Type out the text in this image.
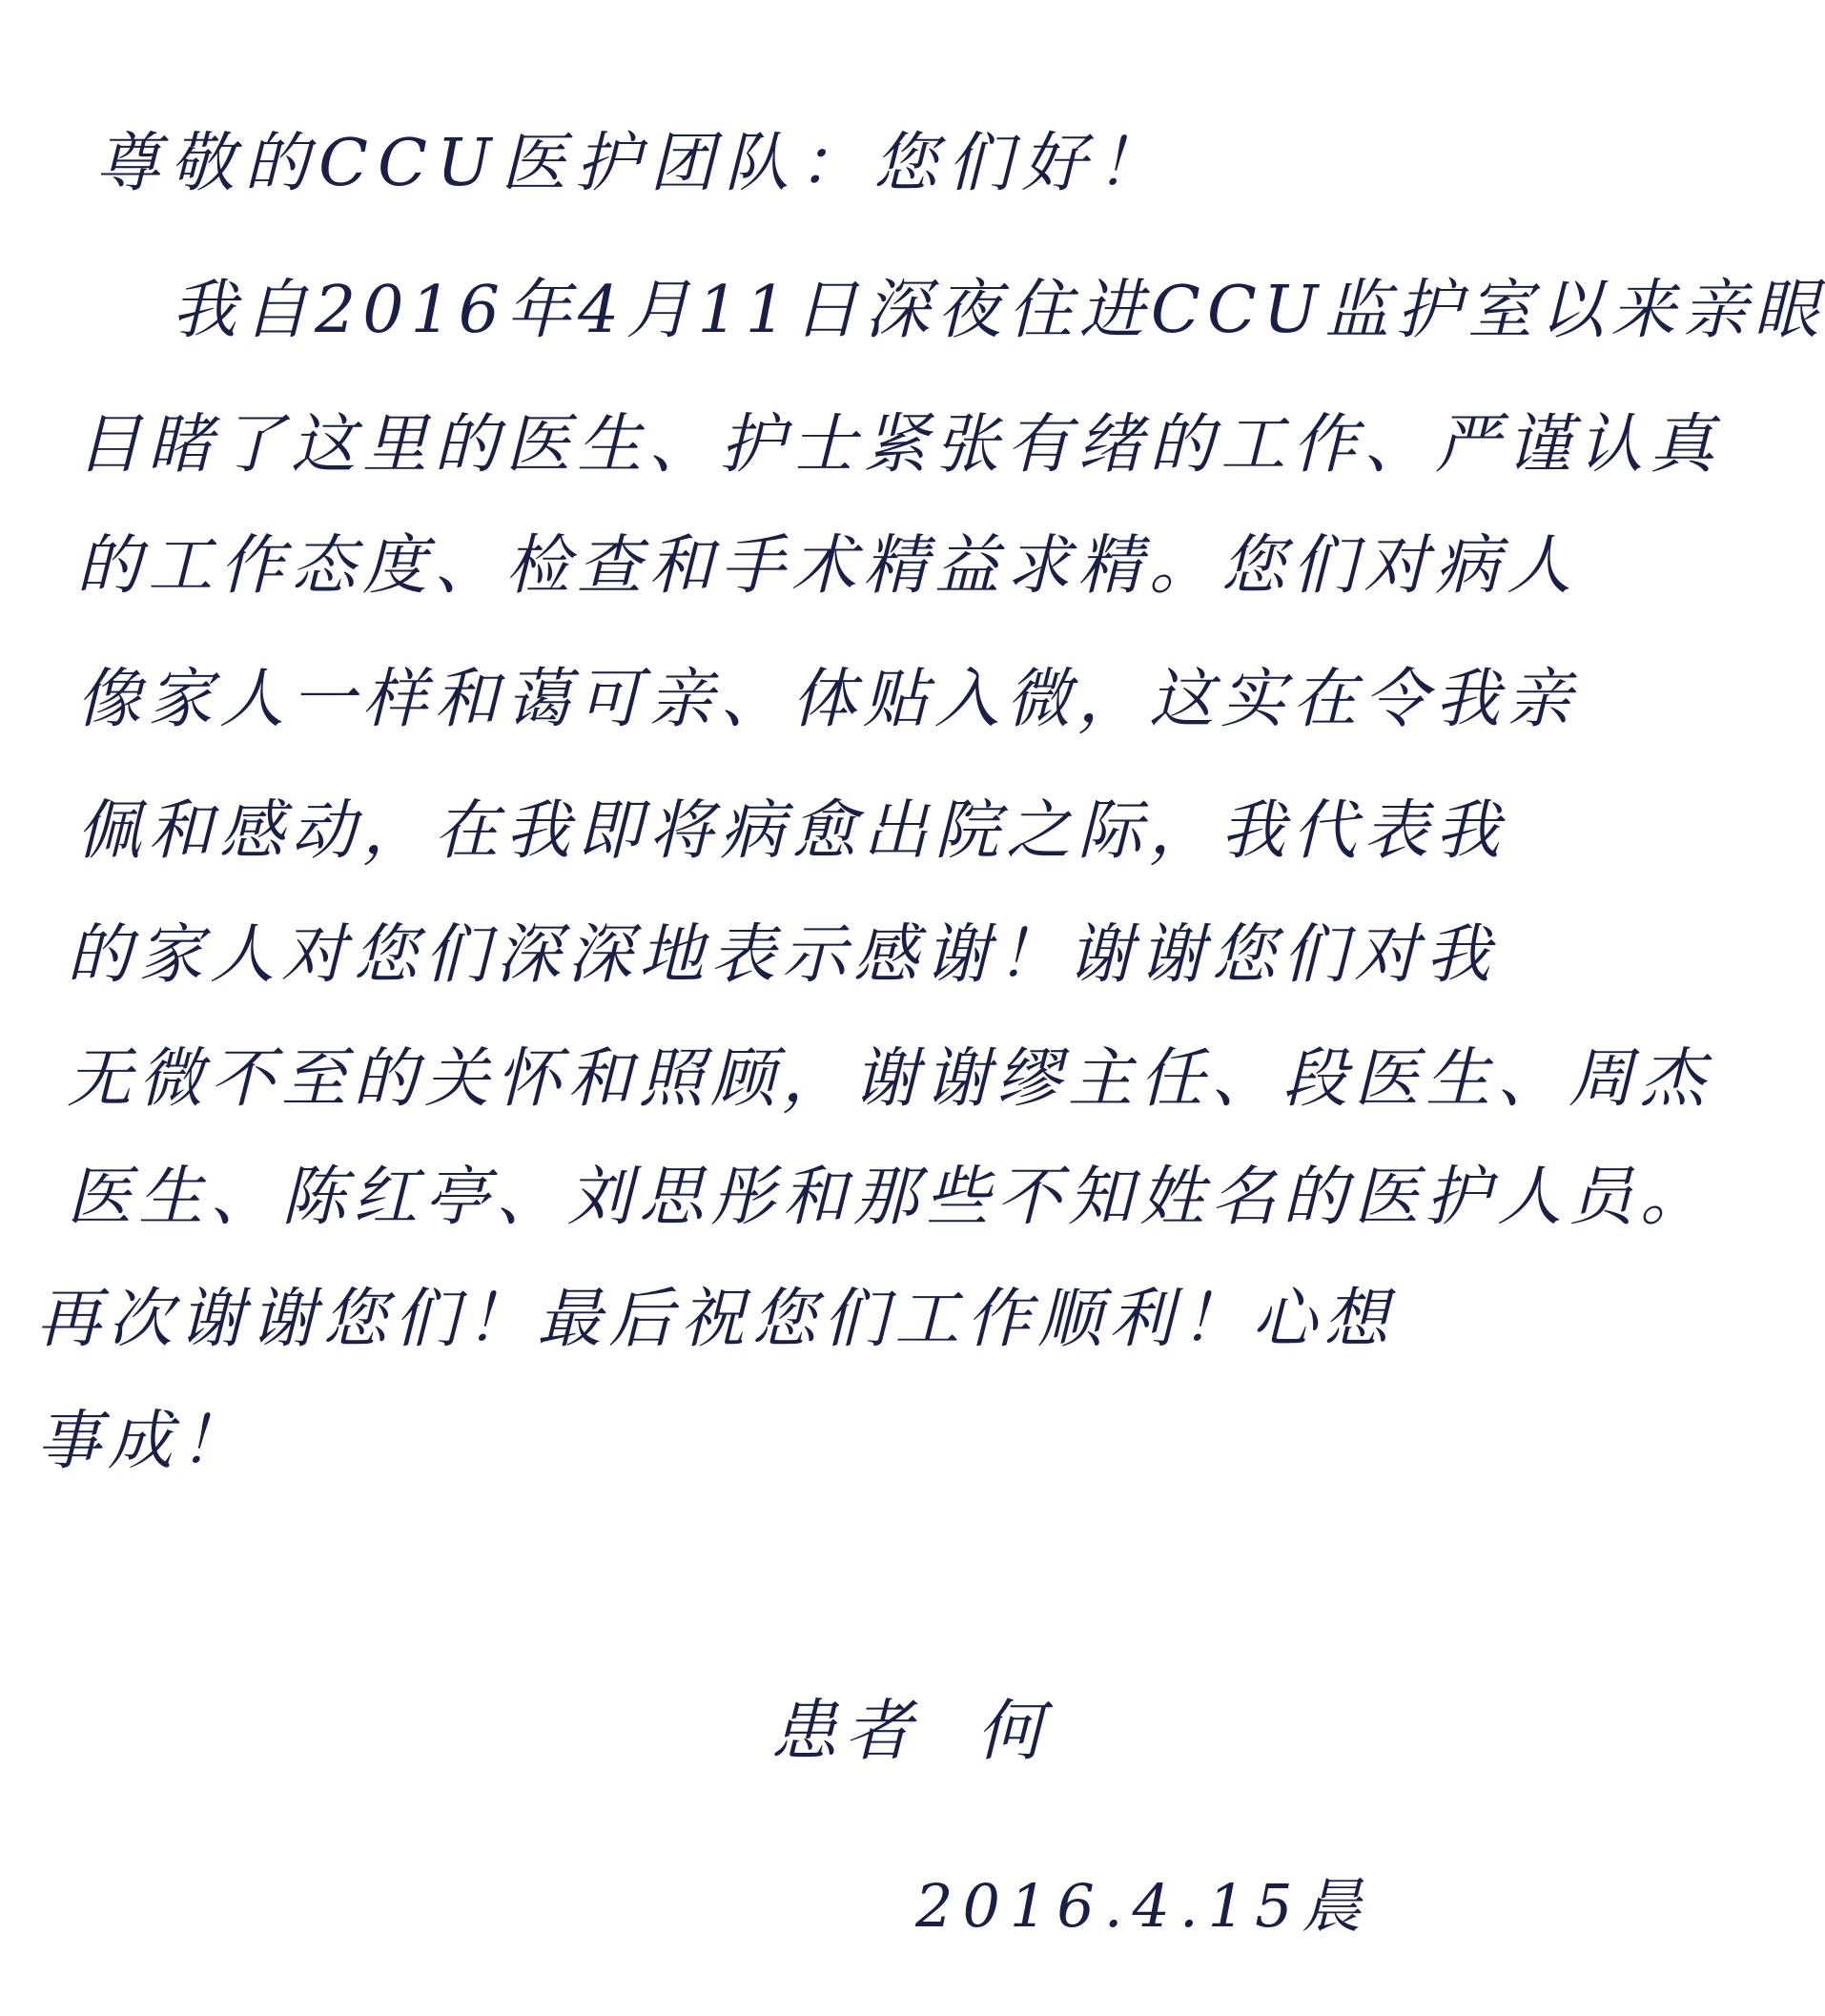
尊敬的CCU医护团队：您们好！
我自2016年4月11日深夜住进CCU监护室以来亲眼
目睹了这里的医生、护士紧张有绪的工作、严谨认真
的工作态度、检查和手术精益求精。您们对病人
像家人一样和蔼可亲、体贴入微，这实在令我亲
佩和感动，在我即将病愈出院之际，我代表我
的家人对您们深深地表示感谢！谢谢您们对我
无微不至的关怀和照顾，谢谢缪主任、段医生、周杰
医生、陈红亭、刘思彤和那些不知姓名的医护人员。
再次谢谢您们！最后祝您们工作顺利！心想
事成！
患者 何
2016.4.15晨
